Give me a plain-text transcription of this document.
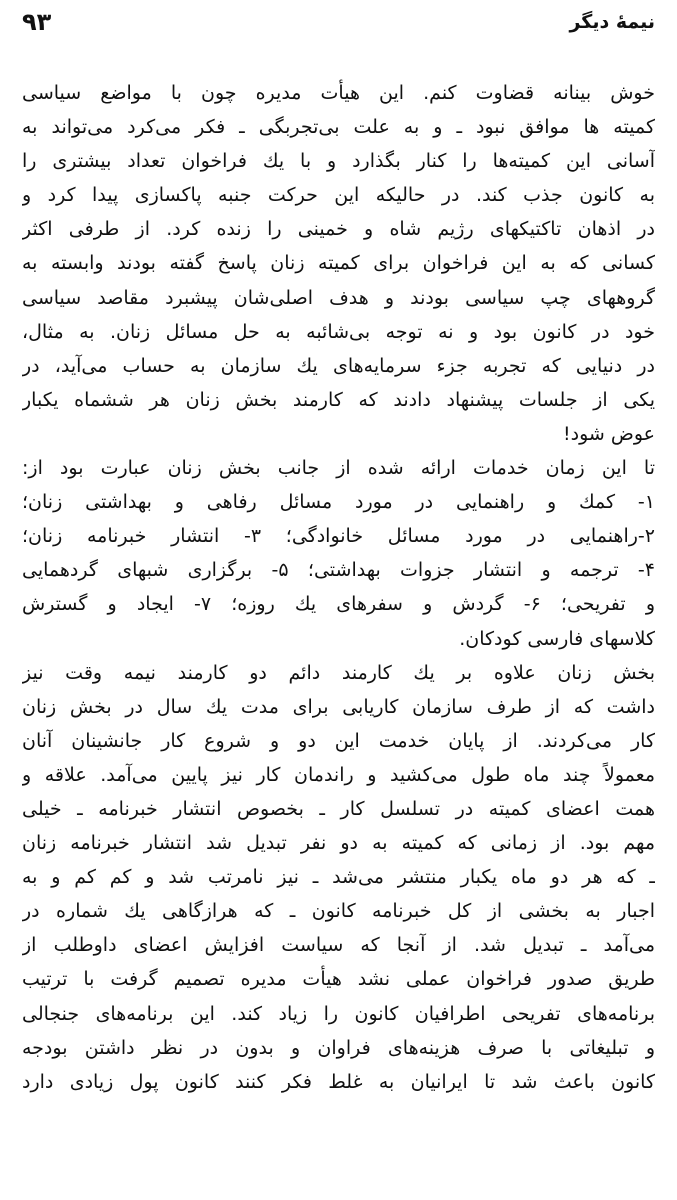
۹۳	نیمهٔ دیگر
خوش بینانه قضاوت کنم. این هیأت مدیره چون با مواضع سیاسی
کمیته ها موافق نبود ـ و به علت بی‌تجربگی ـ فکر می‌کرد می‌تواند به
آسانی این کمیته‌ها را کنار بگذارد و با یك فراخوان تعداد بیشتری را
به کانون جذب کند. در حالیکه این حرکت جنبه پاکسازی پیدا کرد و
در اذهان تاکتیکهای رژیم شاه و خمینی را زنده کرد. از طرفی اکثر
کسانی که به این فراخوان برای کمیته زنان پاسخ گفته بودند وابسته به
گروههای چپ سیاسی بودند و هدف اصلی‌شان پیشبرد مقاصد سیاسی
خود در کانون بود و نه توجه بی‌شائبه به حل مسائل زنان. به مثال،
در دنیایی که تجربه جزء سرمایه‌های یك سازمان به حساب می‌آید، در
یکی از جلسات پیشنهاد دادند که کارمند بخش زنان هر ششماه یکبار
عوض شود!
تا این زمان خدمات ارائه شده از جانب بخش زنان عبارت بود از:
۱- کمك و راهنمایی در مورد مسائل رفاهی و بهداشتی زنان؛
۲-راهنمایی در مورد مسائل خانوادگی؛ ۳- انتشار خبرنامه زنان؛
۴- ترجمه و انتشار جزوات بهداشتی؛ ۵- برگزاری شبهای گردهمایی
و تفریحی؛ ۶- گردش و سفرهای یك روزه؛ ۷- ایجاد و گسترش
کلاسهای فارسی کودکان.
بخش زنان علاوه بر یك کارمند دائم دو کارمند نیمه وقت نیز
داشت که از طرف سازمان کاریابی برای مدت یك سال در بخش زنان
کار می‌کردند. از پایان خدمت این دو و شروع کار جانشینان آنان
معمولاً چند ماه طول می‌کشید و راندمان کار نیز پایین می‌آمد. علاقه و
همت اعضای کمیته در تسلسل کار ـ بخصوص انتشار خبرنامه ـ خیلی
مهم بود. از زمانی که کمیته به دو نفر تبدیل شد انتشار خبرنامه زنان
ـ که هر دو ماه یکبار منتشر می‌شد ـ نیز نامرتب شد و کم کم و به
اجبار به بخشی از کل خبرنامه کانون ـ که هرازگاهی یك شماره در
می‌آمد ـ تبدیل شد. از آنجا که سیاست افزایش اعضای داوطلب از
طریق صدور فراخوان عملی نشد هیأت مدیره تصمیم گرفت با ترتیب
برنامه‌های تفریحی اطرافیان کانون را زیاد کند. این برنامه‌های جنجالی
و تبلیغاتی با صرف هزینه‌های فراوان و بدون در نظر داشتن بودجه
کانون باعث شد تا ایرانیان به غلط فکر کنند کانون پول زیادی دارد
